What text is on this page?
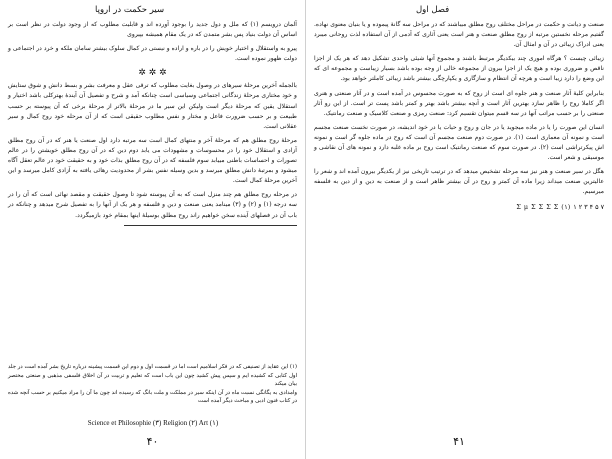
سیر حکمت در اروپا

آلمان درویسم (۱) که ملل و دول جدید را بوجود آورده اند و قابلیت مطلوب که از وجود دولت در نظر است بر اساس آن دولت بنیاد پس بشر متمدن که در یک مقام همیشه بپیروی

پیرو به واستقلال و اختیار خویش را در باره و اراده و نیستی در کمال سلوک بیشتر سامان ملکه و خرد در اجتماعی و دولت ظهور نموده است.

✲ ✲ ✲

بالجمله آخرین مرحلهٔ سیرهای در وصول بغایت مطلوب که ترقی عقل و معرفت بشر و بسط دانش و شوق ستایش و خود مختاری مرحلهٔ زندگانی اجتماعی وسیاسی است چنانکه آمد و شرح و تفصیل آن آیندهٔ بهترکلی باشد اختیار و استقلال یقین که مرحلهٔ دیگر است ولیکن این سیر ما در مرحلهٔ بالاتر از مرحلهٔ برخی که آن پیوسته بر حسب طبیعت و بر حسب ضرورت فاعل و مختار و نفس مطلوب حقیقی است که از آن مرحله خود روح کمال و سیر عقلانی است.

مرحلهٔ روح مطلق هم که مرحلهٔ آخر و منتهای کمال است سه مرتبه دارد اول صنعت یا هنر که در آن روح مطلق آزادی و استقلال خود را در محسوسات و مشهودات می یابد دوم دین که در آن روح مطلق خویشتن را در عالم تصورات و احساسات باطنی مییابد سوم فلسفه که در آن روح مطلق بذات خود و به حقیقت خود در عالم تعقل آگاه میشود و بمرتبهٔ دانش مطلق میرسد و بدین وسیله نفس بشر از محدودیت رهائی یافته به آزادی کامل میرسد و این آخرین مرحلهٔ کمال است.

در مرحله روح مطلق هم چند منزل است که به آن پیوسته شود تا وصول حقیقت و مقصد نهائی است که آن را در سه درجه (۱) و (۲) و (۳) مینامد یعنی صنعت و دین و فلسفه و هر یک از آنها را به تفصیل شرح میدهد و چنانکه در باب آن در فصلهای آینده سخن خواهیم راند روح مطلق بوسیلهٔ اینها بمقام خود بازمیگردد.

(۱) این عقاید از تصنیفی که در فکر اسلامیم است اما در قسمت اول و دوم این قسمت پیشینه درباره تاریخ بشر آمده است در جلد اول کتابی که کشیده ایم و سپس پیش کشید چون این باب است که تعلیم و تربیت در آن اخلاق فلسفی مذهبی و صنعتی مختصر بیان میکند
وامدادی به یگانگی نسبت ماه در آن اینکه سیر در مملکت و ملت بانگ که رسیده اند چون ما آن را مراد میکنیم بر حسب آنچه شده در کتاب فنون ادبی و مباحث دیگر آمده است
Science et Philosophie (۳) Religion (۲) Art (۱)
۴۰
فصل اول

صنعت و دیانت و حکمت در مراحل مختلف روح مطلق میباشند که در مراحل سه گانهٔ پیموده و یا بنیان معنوی نهاده. گفتیم مرحله نخستین مرتبه از روح مطلق صنعت و هنر است یعنی آثاری که آدمی از آن استفاده لذت روحانی میبرد یعنی ادراک زیبائی در آن و امثال آن.

زیبائی چیست ؟ هرگاه اموری چند بیکدیگر مرتبط باشند و مجموع آنها شیئی واحدی تشکیل دهد که هر یک از اجزا ناقص و ضروری بوده و هیچ یک از اجزا بیرون از مجموعه خالی از وجه بوده باشد بسیار زیباست و مجموعه ای که این وضع را دارد زیبا است و هرچه آن انتظام و سازگاری و یکپارچگی بیشتر باشد زیبائی کاملتر خواهد بود.

بنابراین کلیهٔ آثار صنعت و هنر جلوه ای است از روح که به صورت محسوس در آمده است و در آثار صنعتی و هنری اگر کاملا روح را ظاهر سازد بهترین آثار است و آنچه بیشتر باشد بهتر و کمتر باشد پست تر است. از این رو آثار صنعتی را بر حسب مراتب آنها در سه قسم میتوان تقسیم کرد: صنعت رمزی و صنعت کلاسیک و صنعت رمانتیک.

انسان این صورت را یا در ماده میجوید یا در جان و روح و حیات یا در خود اندیشه، در صورت نخست صنعت مجسم است و نمونه آن معماری است (۱). در صورت دوم صنعت مجسم آن است که روح در ماده جلوه گر است و نمونه اش پیکرتراشی است (۲). در صورت سوم که صنعت رمانتیک است روح بر ماده غلبه دارد و نمونه های آن نقاشی و موسیقی و شعر است.

هگل در سیر صنعت و هنر نیز سه مرحله تشخیص میدهد که در ترتیب تاریخی نیز از یکدیگر بیرون آمده اند و شعر را عالیترین صنعت میداند زیرا ماده آن کمتر و روح در آن بیشتر ظاهر است و از صنعت به دین و از دین به فلسفه میرسیم.

Σ μ Σ Σ Σ Σ (۱) ۱ ۲ ۳ ۴ ۵ ۷
۴۱
